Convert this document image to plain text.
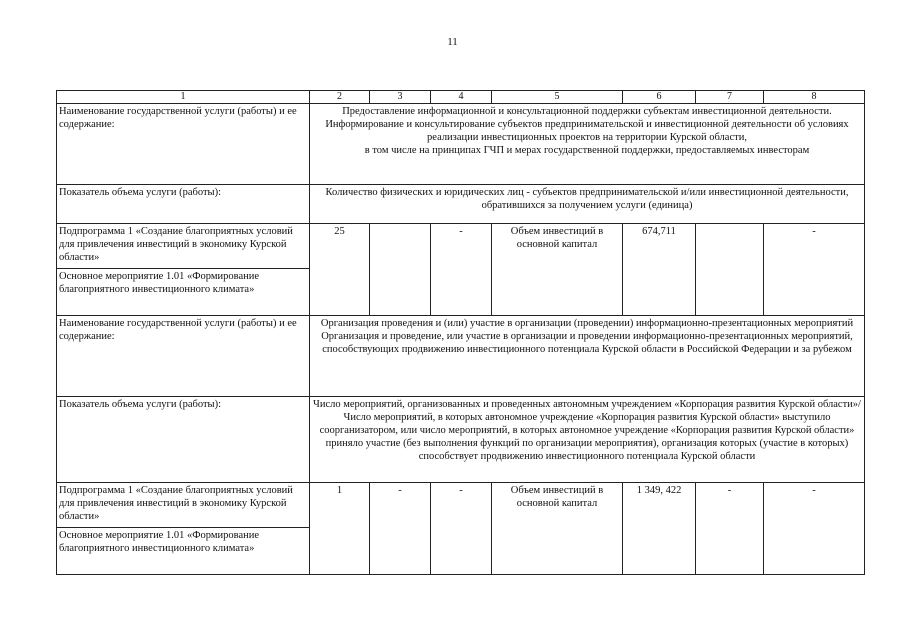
11
1	2	3	4	5	6	7	8
Наименование государственной услуги (работы) и ее содержание:	Предоставление информационной и консультационной поддержки субъектам инвестиционной деятельности.
Информирование и консультирование субъектов предпринимательской и инвестиционной деятельности об условиях реализации инвестиционных проектов на территории Курской области,
в том числе на принципах ГЧП и мерах государственной поддержки, предоставляемых инвесторам						

Показатель объема услуги (работы):	Количество физических и юридических лиц - субъектов предпринимательской и/или инвестиционной деятельности, обратившихся за получением услуги (единица)						
Подпрограмма 1 «Создание благоприятных условий для привлечения инвестиций в экономику Курской области»	25		-	Объем инвестиций в основной капитал	674,711		-
Основное мероприятие 1.01 «Формирование благоприятного инвестиционного климата»							
Наименование государственной услуги (работы) и ее содержание:	Организация проведения и (или) участие в организации (проведении) информационно-презентационных мероприятий
Организация и проведение, или участие в организации и проведении информационно-презентационных мероприятий, способствующих продвижению инвестиционного потенциала Курской области в Российской Федерации и за рубежом						

Показатель объема услуги (работы):	Число мероприятий, организованных и проведенных автономным учреждением «Корпорация развития Курской области»/Число мероприятий, в которых автономное учреждение «Корпорация развития Курской области» выступило соорганизатором, или число мероприятий, в которых автономное учреждение «Корпорация развития Курской области» приняло участие (без выполнения функций по организации мероприятия), организация которых (участие в которых) способствует продвижению инвестиционного потенциала Курской области						
Подпрограмма 1 «Создание благоприятных условий для привлечения инвестиций в экономику Курской области»	1	-	-	Объем инвестиций в основной капитал	1 349, 422	-	-
Основное мероприятие 1.01 «Формирование благоприятного инвестиционного климата»							
